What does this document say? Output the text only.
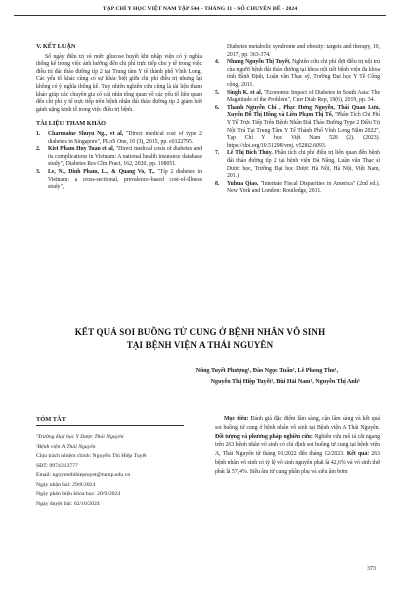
TẠP CHÍ Y HỌC VIỆT NAM TẬP 544 - THÁNG 11 - SỐ CHUYÊN ĐỀ - 2024
V. KẾT LUẬN

Số ngày điều trị và mức glucose huyết khi nhập viện có ý nghĩa thống kê trong việc ảnh hưởng đến chi phí trực tiếp cho y tế trong việc điều trị đái tháo đường típ 2 tại Trung tâm Y tế thành phố Vĩnh Long. Các yếu tố khác cũng có sự khác biệt giữa chi phí điều trị nhưng lại không có ý nghĩa thống kê. Tuy nhiên nghiên cứu cũng là tài liệu tham khảo giúp các chuyên gia có cái nhìn tổng quan về các yếu tố liên quan đến chi phí y tế trực tiếp trên bệnh nhân đái tháo đường típ 2 giảm bớt gánh nặng kinh tế trong việc điều trị bệnh.

TÀI LIỆU THAM KHẢO
1. Charmaine Shuyu Ng., et al, "Direct medical cost of type 2 diabetes in Singapore", PLoS One, 10 (3), 2015, pp. e0122795.
2. Kiet Pham Huy Tuan et al, "Direct medical costs of diabetes and its complications in Vietnam: A national health insurance database study", Diabetes Res Clin Pract, 162, 2020, pp. 108051.
3. Le, N., Dinh Pham, L., & Quang Vo, T., "Típ 2 diabetes in Vietnam: a cross-sectional, prevalence-based cost-of-illness study",

Diabetes metabolic syndrome and obesity: targets and therapy, 10, 2017, pp. 363-374.

4. Nhung Nguyễn Thị Tuyết, Nghiên cứu chi phí đợt điều trị nội trú của người bệnh đái tháo đường tại khoa nội tiết bệnh viện đa khoa tỉnh Bình Định, Luận văn Thạc sỹ, Trường Đại học Y Tế Công cộng, 2011.
5. Singh K. et al, "Economic Impact of Diabetes in South Asia: The Magnitude of the Problem", Curr Diab Rep, 19(6), 2019, pp. 34.
6. Thanh Nguyễn Chí , Phạc Hưng Nguyễn, Thái Quan Lưu, Xuyến Đỗ Thị Hồng và Liên Phạm Thị Tố, "Phân Tích Chi Phí Y Tế Trực Tiếp Trên Bệnh Nhân Đái Tháo Đường Type 2 Điều Trị Nội Trú Tại Trung Tâm Y Tế Thành Phố Vĩnh Long Năm 2022", Tạp Chí Y học Việt Nam 528 (2). (2023). https://doi.org/10.51298/vmj. v528i2.6093.
7. Lê Thị Bích Thủy. Phân tích chi phí điều trị liên quan đến bệnh đái tháo đường típ 2 tại bệnh viện Đà Nẵng, Luận văn Thạc sĩ Dược học, Trường Đại học Dược Hà Nội, Hà Nội, Việt Nam, 201.)
8. Yuhua Qiao, "Intertate Fiscal Disparities in America" (2nd ed.). New York and London: Routledge, 2011.
KẾT QUẢ SOI BUỒNG TỬ CUNG Ở BỆNH NHÂN VÔ SINH
TẠI BỆNH VIỆN A THÁI NGUYÊN
Nông Tuyết Phượng¹, Đào Ngọc Tuấn², Lê Phong Thu¹,
Nguyễn Thị Hiệp Tuyết¹, Bùi Hải Nam¹, Nguyễn Thị Anh¹
TÓM TẮT
¹Trường Đại học Y Dược Thái Nguyên
²Bệnh viện A Thái Nguyên
Chịu trách nhiệm chính: Nguyễn Thị Hiệp Tuyết
SĐT: 0974313777
Email: nguyenthihieptuyet@tump.edu.vn
Ngày nhận bài: 29/8/2024
Ngày phản biện khoa học: 20/9/2024
Ngày duyệt bài: 02/10/2024

Mục tiêu: Đánh giá đặc điểm lâm sàng, cận lâm sàng và kết quả soi buồng tử cung ở bệnh nhân vô sinh tại Bệnh viện A Thái Nguyên. Đối tượng và phương pháp nghiên cứu: Nghiên cứu mô tả cắt ngang trên 263 bệnh nhân vô sinh có chỉ định soi buồng tử cung tại bệnh viện A, Thái Nguyên từ tháng 01/2022 đến tháng 12/2023. Kết quả: 263 bệnh nhân vô sinh có tỷ lệ vô sinh nguyên phát là 42,6% và vô sinh thứ phát là 57,4%. Siêu âm tử cung phần phụ và siêu âm bơm

373
